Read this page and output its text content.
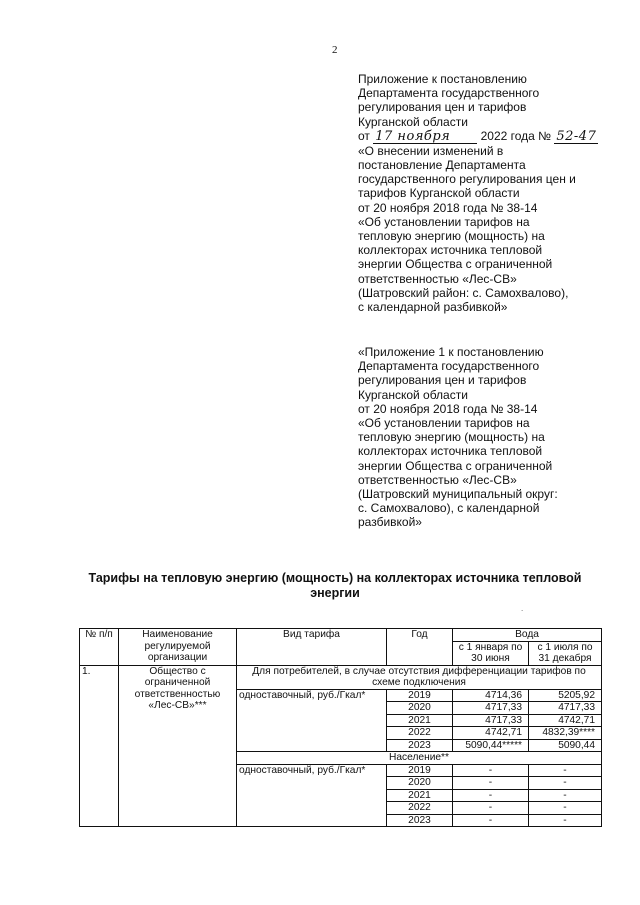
2
Приложение к постановлению
Департамента государственного
регулирования цен и тарифов
Курганской области
от 17 ноября	2022 года № 52-47
«О внесении изменений в
постановление Департамента
государственного регулирования цен и
тарифов Курганской области
от 20 ноября 2018 года № 38-14
«Об установлении тарифов на
тепловую энергию (мощность) на
коллекторах источника тепловой
энергии Общества с ограниченной
ответственностью «Лес-СВ»
(Шатровский район: с. Самохвалово),
с календарной разбивкой»
«Приложение 1 к постановлению
Департамента государственного
регулирования цен и тарифов
Курганской области
от 20 ноября 2018 года № 38-14
«Об установлении тарифов на
тепловую энергию (мощность) на
коллекторах источника тепловой
энергии Общества с ограниченной
ответственностью «Лес-СВ»
(Шатровский муниципальный округ:
с. Самохвалово), с календарной
разбивкой»
Тарифы на тепловую энергию (мощность) на коллекторах источника тепловой энергии
.
№ п/п	Наименование регулируемой организации	Вид тарифа	Год	Вода	
				с 1 января по 30 июня	с 1 июля по 31 декабря
1.	Общество с ограниченной ответственностью «Лес-СВ»***	Для потребителей, в случае отсутствия дифференциации тарифов по схеме подключения			
		одноставочный, руб./Гкал*	2019	4714,36	5205,92
			2020	4717,33	4717,33
			2021	4717,33	4742,71
			2022	4742,71	4832,39****
			2023	5090,44*****	5090,44
		Население**			
		одноставочный, руб./Гкал*	2019	-	-
			2020	-	-
			2021	-	-
			2022	-	-
			2023	-	-
